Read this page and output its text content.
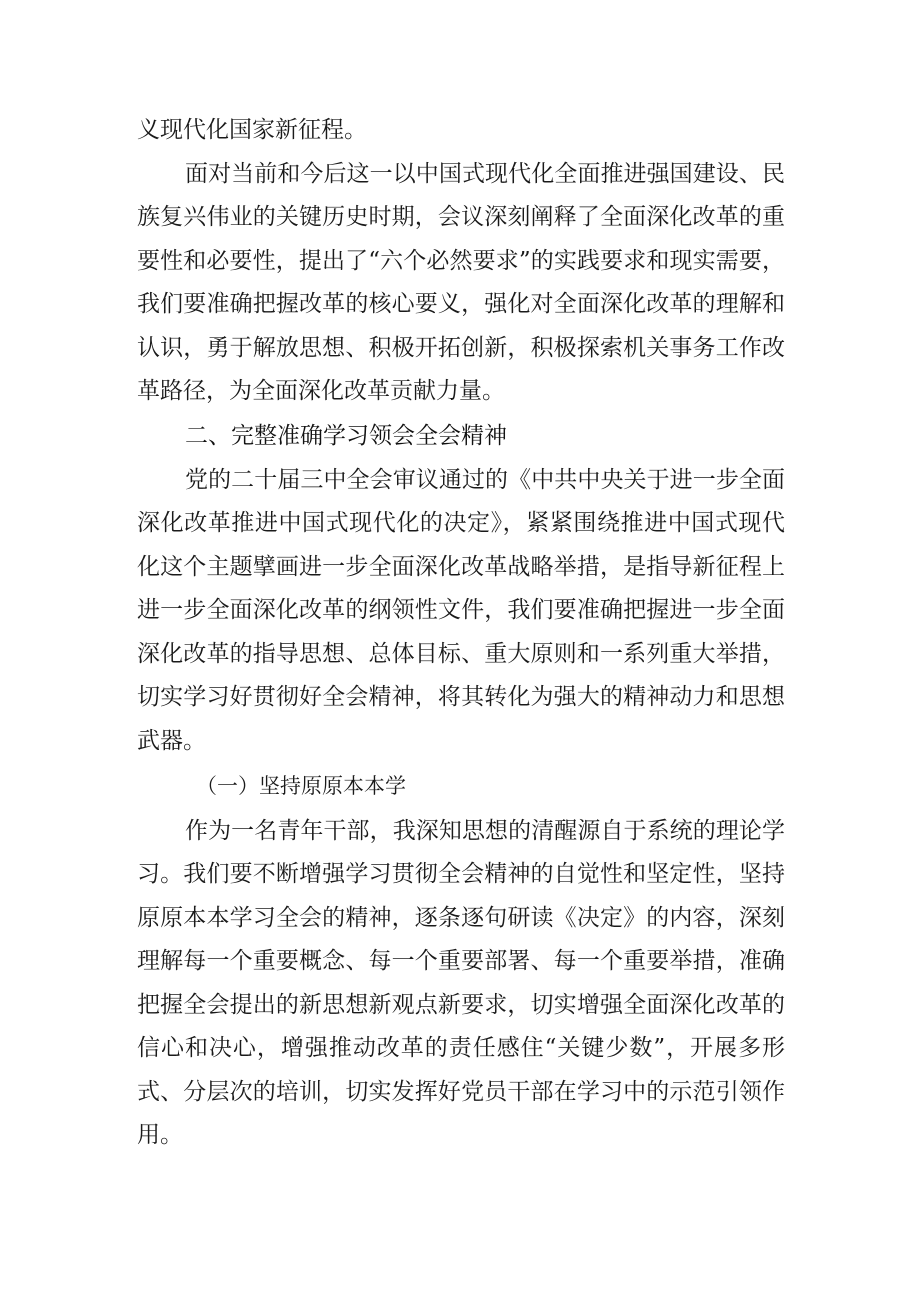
义现代化国家新征程。
面对当前和今后这一以中国式现代化全面推进强国建设、民
族复兴伟业的关键历史时期，会议深刻阐释了全面深化改革的重
要性和必要性，提出了“六个必然要求”的实践要求和现实需要，
我们要准确把握改革的核心要义，强化对全面深化改革的理解和
认识，勇于解放思想、积极开拓创新，积极探索机关事务工作改
革路径，为全面深化改革贡献力量。
二、完整准确学习领会全会精神
党的二十届三中全会审议通过的《中共中央关于进一步全面
深化改革推进中国式现代化的决定》，紧紧围绕推进中国式现代
化这个主题擘画进一步全面深化改革战略举措，是指导新征程上
进一步全面深化改革的纲领性文件，我们要准确把握进一步全面
深化改革的指导思想、总体目标、重大原则和一系列重大举措，
切实学习好贯彻好全会精神，将其转化为强大的精神动力和思想
武器。
（一）坚持原原本本学
作为一名青年干部，我深知思想的清醒源自于系统的理论学
习。我们要不断增强学习贯彻全会精神的自觉性和坚定性，坚持
原原本本学习全会的精神，逐条逐句研读《决定》的内容，深刻
理解每一个重要概念、每一个重要部署、每一个重要举措，准确
把握全会提出的新思想新观点新要求，切实增强全面深化改革的
信心和决心，增强推动改革的责任感住“关键少数”，开展多形
式、分层次的培训，切实发挥好党员干部在学习中的示范引领作
用。
